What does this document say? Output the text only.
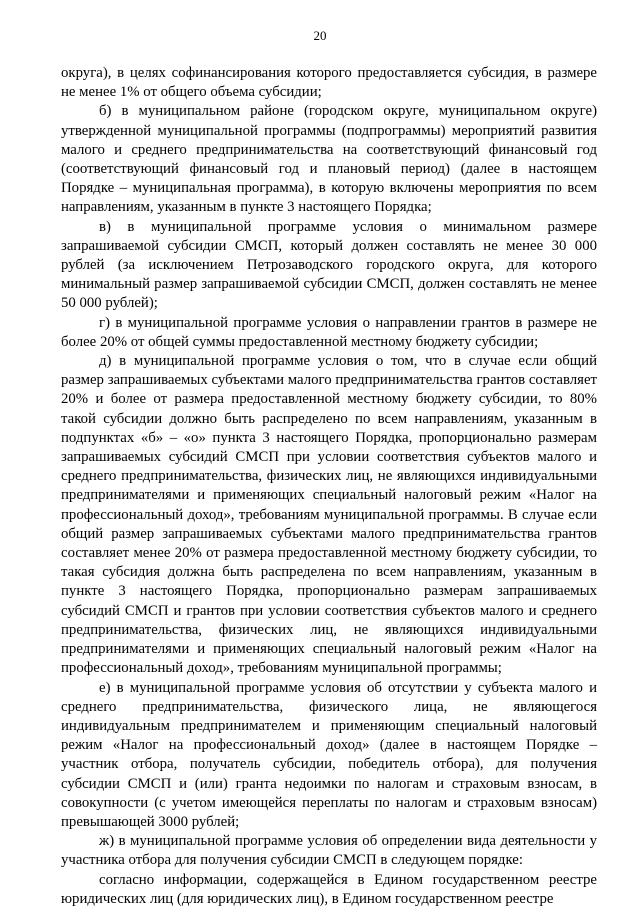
20

округа), в целях софинансирования которого предоставляется субсидия, в размере не менее 1% от общего объема субсидии;

б) в муниципальном районе (городском округе, муниципальном округе) утвержденной муниципальной программы (подпрограммы) мероприятий развития малого и среднего предпринимательства на соответствующий финансовый год (соответствующий финансовый год и плановый период) (далее в настоящем Порядке – муниципальная программа), в которую включены мероприятия по всем направлениям, указанным в пункте 3 настоящего Порядка;

в) в муниципальной программе условия о минимальном размере запрашиваемой субсидии СМСП, который должен составлять не менее 30 000 рублей (за исключением Петрозаводского городского округа, для которого минимальный размер запрашиваемой субсидии СМСП, должен составлять не менее 50 000 рублей);

г) в муниципальной программе условия о направлении грантов в размере не более 20% от общей суммы предоставленной местному бюджету субсидии;

д) в муниципальной программе условия о том, что в случае если общий размер запрашиваемых субъектами малого предпринимательства грантов составляет 20% и более от размера предоставленной местному бюджету субсидии, то 80% такой субсидии должно быть распределено по всем направлениям, указанным в подпунктах «б» – «о» пункта 3 настоящего Порядка, пропорционально размерам запрашиваемых субсидий СМСП при условии соответствия субъектов малого и среднего предпринимательства, физических лиц, не являющихся индивидуальными предпринимателями и применяющих специальный налоговый режим «Налог на профессиональный доход», требованиям муниципальной программы. В случае если общий размер запрашиваемых субъектами малого предпринимательства грантов составляет менее 20% от размера предоставленной местному бюджету субсидии, то такая субсидия должна быть распределена по всем направлениям, указанным в пункте 3 настоящего Порядка, пропорционально размерам запрашиваемых субсидий СМСП и грантов при условии соответствия субъектов малого и среднего предпринимательства, физических лиц, не являющихся индивидуальными предпринимателями и применяющих специальный налоговый режим «Налог на профессиональный доход», требованиям муниципальной программы;

е) в муниципальной программе условия об отсутствии у субъекта малого и среднего предпринимательства, физического лица, не являющегося индивидуальным предпринимателем и применяющим специальный налоговый режим «Налог на профессиональный доход» (далее в настоящем Порядке – участник отбора, получатель субсидии, победитель отбора), для получения субсидии СМСП и (или) гранта недоимки по налогам и страховым взносам, в совокупности (с учетом имеющейся переплаты по налогам и страховым взносам) превышающей 3000 рублей;

ж) в муниципальной программе условия об определении вида деятельности у участника отбора для получения субсидии СМСП в следующем порядке:

согласно информации, содержащейся в Едином государственном реестре юридических лиц (для юридических лиц), в Едином государственном реестре
